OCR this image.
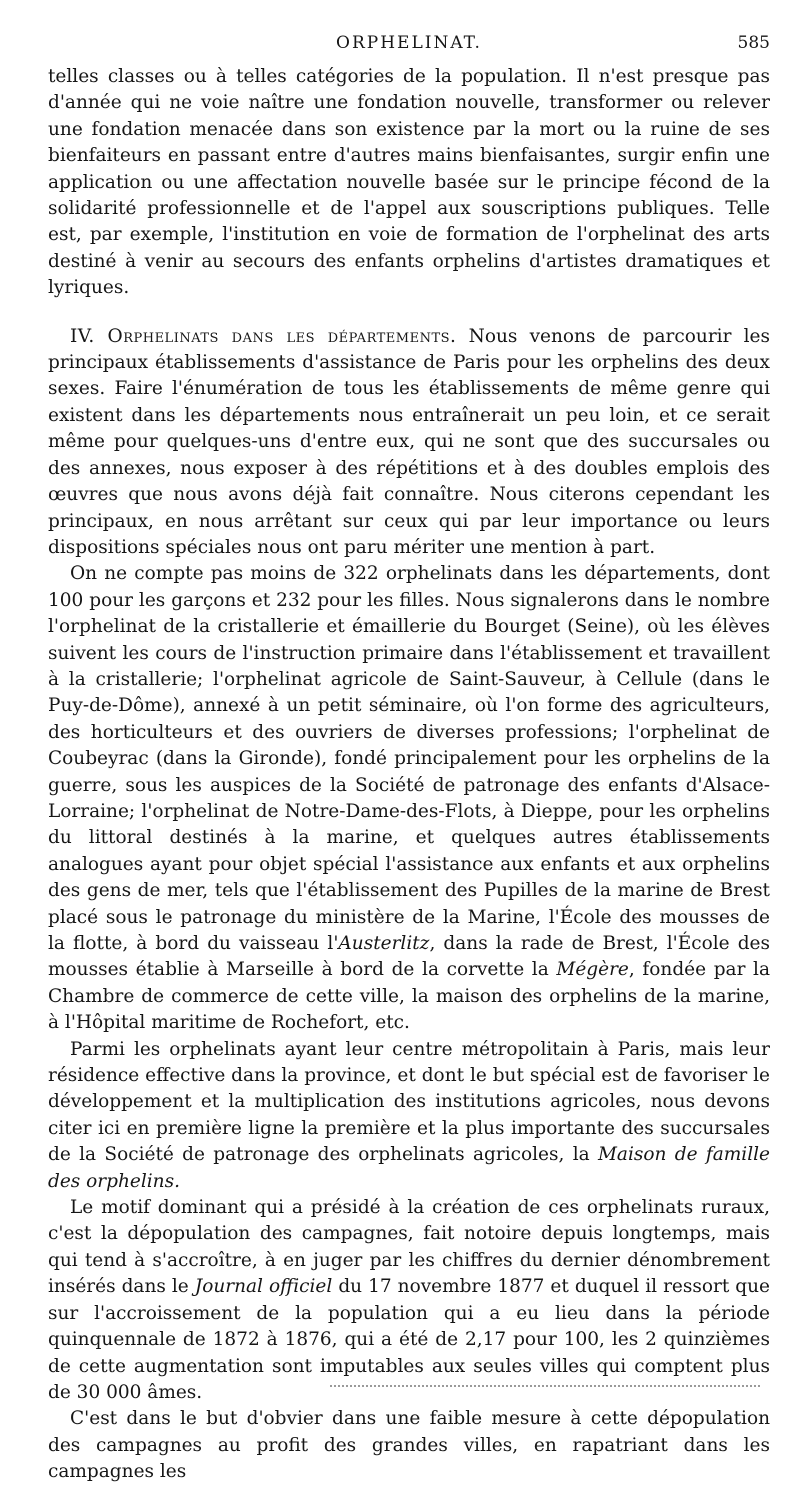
ORPHELINAT.	585

telles classes ou à telles catégories de la population. Il n'est presque pas d'année qui ne voie naître une fondation nouvelle, transformer ou relever une fondation menacée dans son existence par la mort ou la ruine de ses bienfaiteurs en passant entre d'autres mains bienfaisantes, surgir enfin une application ou une affectation nouvelle basée sur le principe fécond de la solidarité professionnelle et de l'appel aux souscriptions publiques. Telle est, par exemple, l'institution en voie de formation de l'orphelinat des arts destiné à venir au secours des enfants orphelins d'artistes dramatiques et lyriques.

IV. Orphelinats dans les départements. Nous venons de parcourir les principaux établissements d'assistance de Paris pour les orphelins des deux sexes. Faire l'énumération de tous les établissements de même genre qui existent dans les départements nous entraînerait un peu loin, et ce serait même pour quelques-uns d'entre eux, qui ne sont que des succursales ou des annexes, nous exposer à des répétitions et à des doubles emplois des œuvres que nous avons déjà fait connaître. Nous citerons cependant les principaux, en nous arrêtant sur ceux qui par leur importance ou leurs dispositions spéciales nous ont paru mériter une mention à part.

On ne compte pas moins de 322 orphelinats dans les départements, dont 100 pour les garçons et 232 pour les filles. Nous signalerons dans le nombre l'orphelinat de la cristallerie et émaillerie du Bourget (Seine), où les élèves suivent les cours de l'instruction primaire dans l'établissement et travaillent à la cristallerie; l'orphelinat agricole de Saint-Sauveur, à Cellule (dans le Puy-de-Dôme), annexé à un petit séminaire, où l'on forme des agriculteurs, des horticulteurs et des ouvriers de diverses professions; l'orphelinat de Coubeyrac (dans la Gironde), fondé principalement pour les orphelins de la guerre, sous les auspices de la Société de patronage des enfants d'Alsace-Lorraine; l'orphelinat de Notre-Dame-des-Flots, à Dieppe, pour les orphelins du littoral destinés à la marine, et quelques autres établissements analogues ayant pour objet spécial l'assistance aux enfants et aux orphelins des gens de mer, tels que l'établissement des Pupilles de la marine de Brest placé sous le patronage du ministère de la Marine, l'École des mousses de la flotte, à bord du vaisseau l'Austerlitz, dans la rade de Brest, l'École des mousses établie à Marseille à bord de la corvette la Mégère, fondée par la Chambre de commerce de cette ville, la maison des orphelins de la marine, à l'Hôpital maritime de Rochefort, etc.

Parmi les orphelinats ayant leur centre métropolitain à Paris, mais leur résidence effective dans la province, et dont le but spécial est de favoriser le développement et la multiplication des institutions agricoles, nous devons citer ici en première ligne la première et la plus importante des succursales de la Société de patronage des orphelinats agricoles, la Maison de famille des orphelins.

Le motif dominant qui a présidé à la création de ces orphelinats ruraux, c'est la dépopulation des campagnes, fait notoire depuis longtemps, mais qui tend à s'accroître, à en juger par les chiffres du dernier dénombrement insérés dans le Journal officiel du 17 novembre 1877 et duquel il ressort que sur l'accroissement de la population qui a eu lieu dans la période quinquennale de 1872 à 1876, qui a été de 2,17 pour 100, les 2 quinzièmes de cette augmentation sont imputables aux seules villes qui comptent plus de 30 000 âmes.

C'est dans le but d'obvier dans une faible mesure à cette dépopulation des campagnes au profit des grandes villes, en rapatriant dans les campagnes les
